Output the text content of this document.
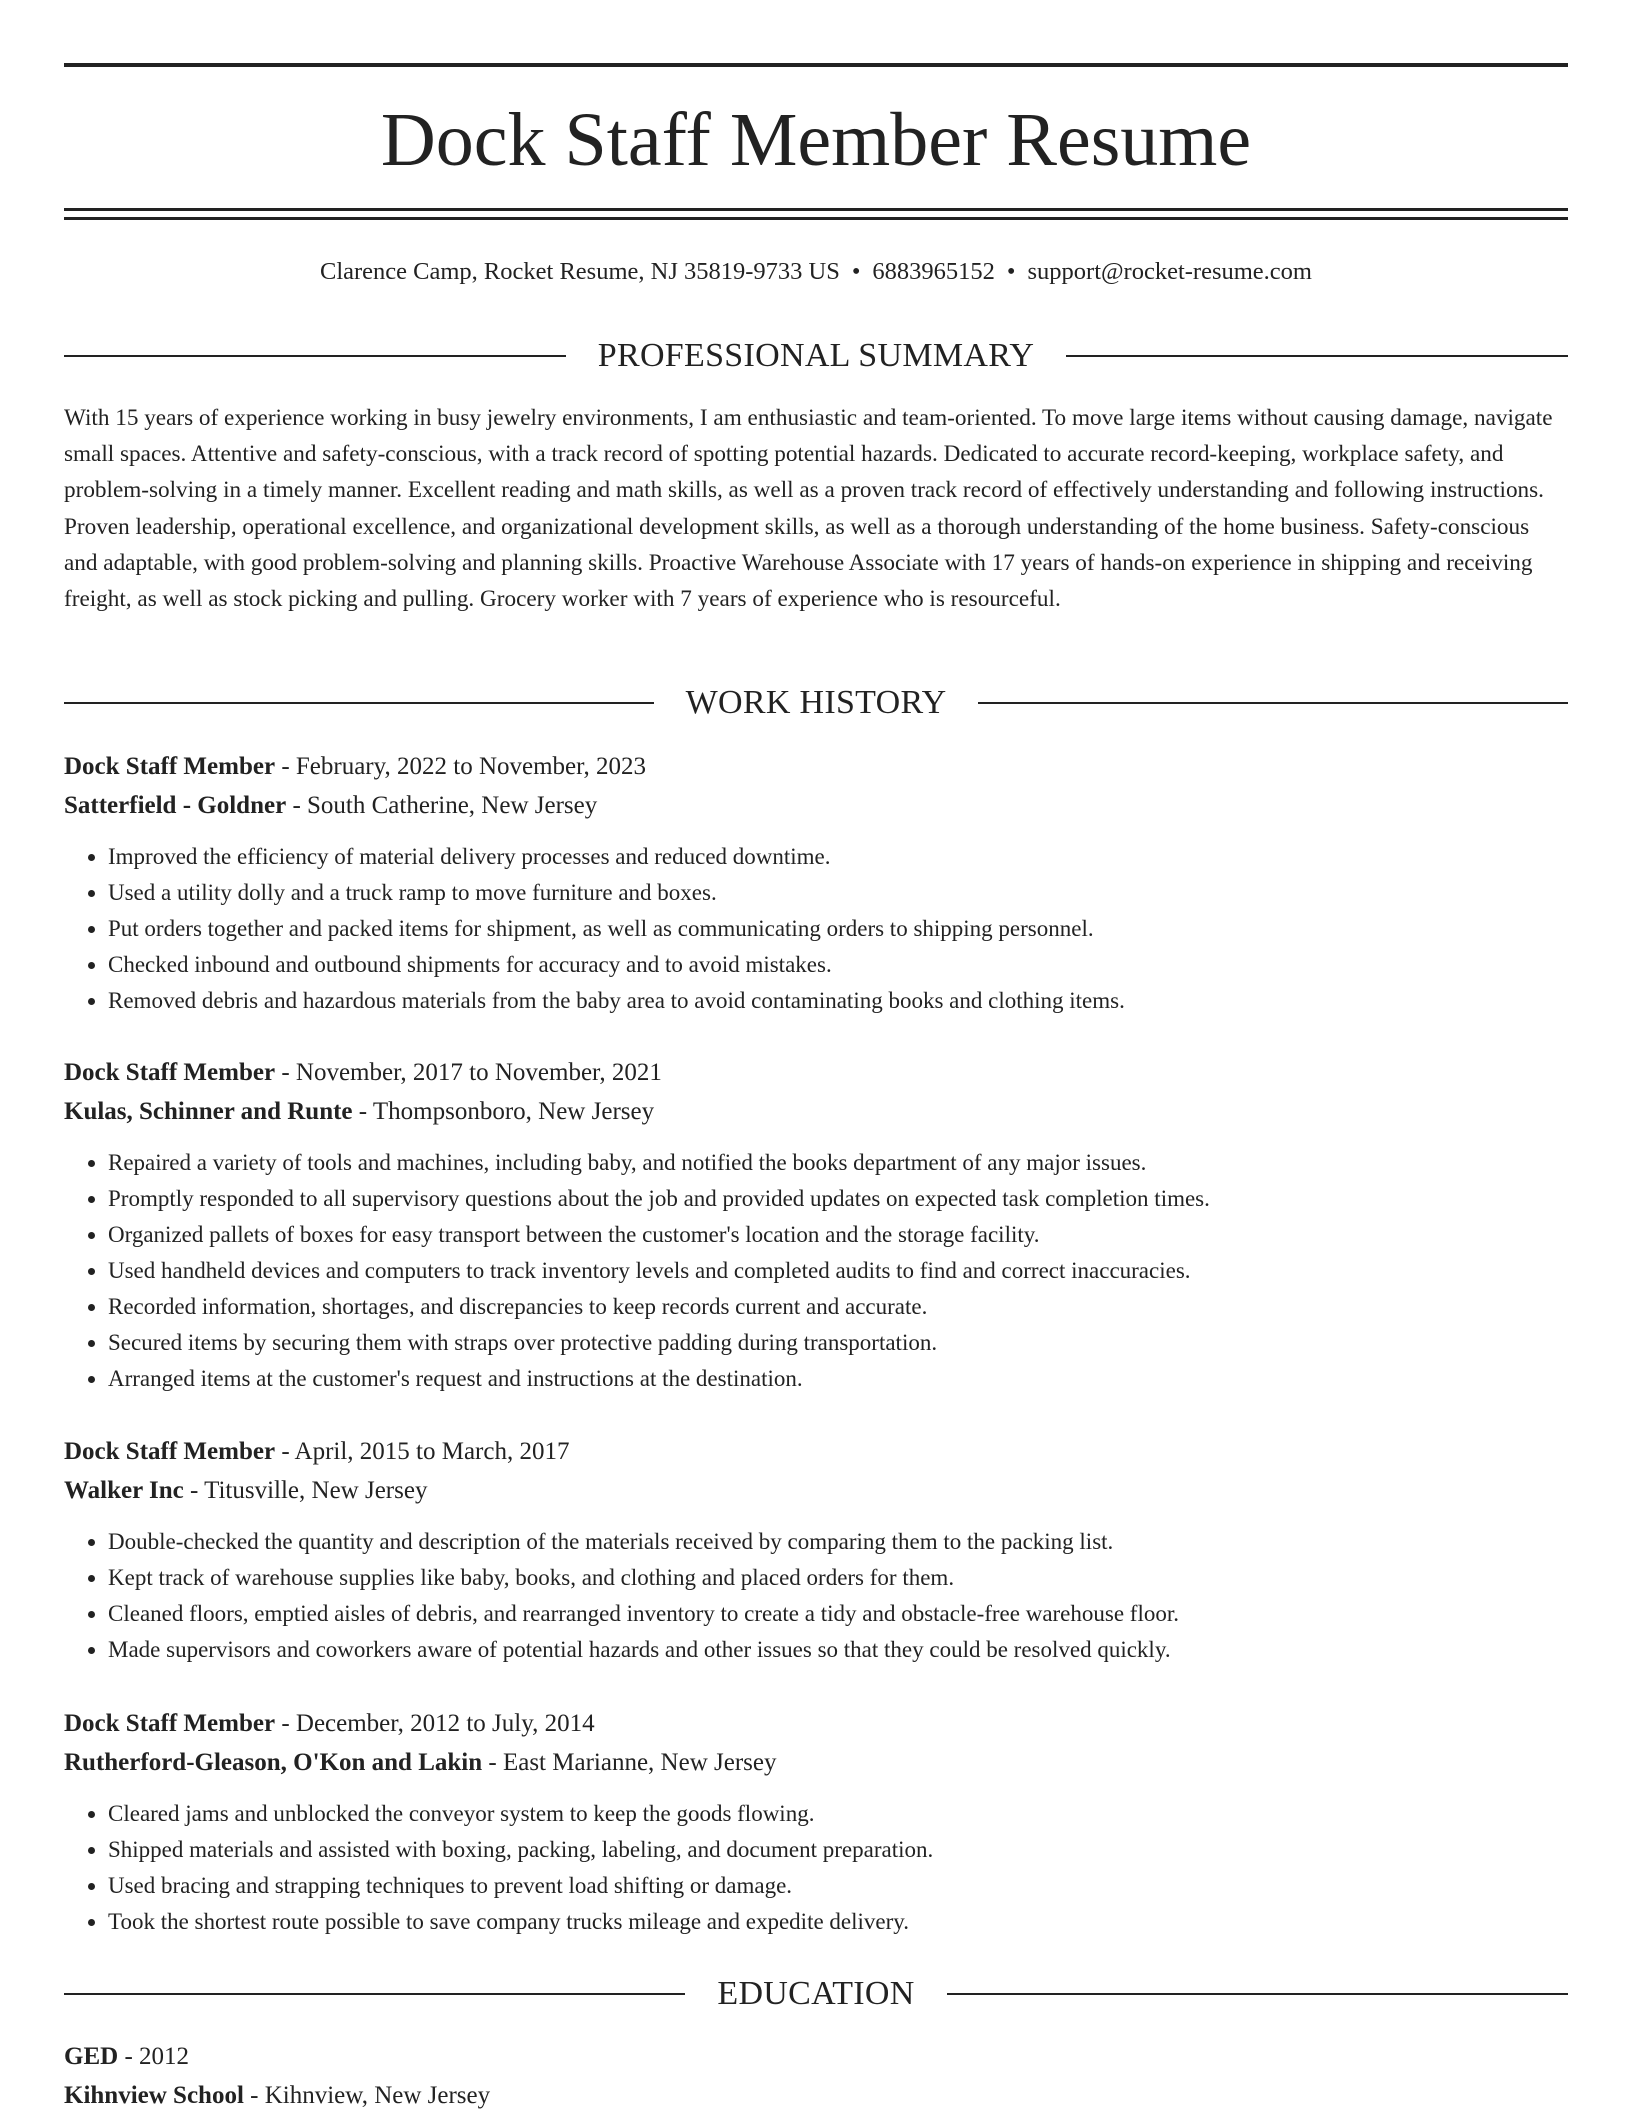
Dock Staff Member Resume
Clarence Camp, Rocket Resume, NJ 35819-9733 US • 6883965152 • support@rocket-resume.com
PROFESSIONAL SUMMARY

With 15 years of experience working in busy jewelry environments, I am enthusiastic and team-oriented. To move large items without causing damage, navigate small spaces. Attentive and safety-conscious, with a track record of spotting potential hazards. Dedicated to accurate record-keeping, workplace safety, and problem-solving in a timely manner. Excellent reading and math skills, as well as a proven track record of effectively understanding and following instructions. Proven leadership, operational excellence, and organizational development skills, as well as a thorough understanding of the home business. Safety-conscious and adaptable, with good problem-solving and planning skills. Proactive Warehouse Associate with 17 years of hands-on experience in shipping and receiving freight, as well as stock picking and pulling. Grocery worker with 7 years of experience who is resourceful.

WORK HISTORY
Dock Staff Member - February, 2022 to November, 2023
Satterfield - Goldner - South Catherine, New Jersey
• Improved the efficiency of material delivery processes and reduced downtime.
• Used a utility dolly and a truck ramp to move furniture and boxes.
• Put orders together and packed items for shipment, as well as communicating orders to shipping personnel.
• Checked inbound and outbound shipments for accuracy and to avoid mistakes.
• Removed debris and hazardous materials from the baby area to avoid contaminating books and clothing items.
Dock Staff Member - November, 2017 to November, 2021
Kulas, Schinner and Runte - Thompsonboro, New Jersey
• Repaired a variety of tools and machines, including baby, and notified the books department of any major issues.
• Promptly responded to all supervisory questions about the job and provided updates on expected task completion times.
• Organized pallets of boxes for easy transport between the customer's location and the storage facility.
• Used handheld devices and computers to track inventory levels and completed audits to find and correct inaccuracies.
• Recorded information, shortages, and discrepancies to keep records current and accurate.
• Secured items by securing them with straps over protective padding during transportation.
• Arranged items at the customer's request and instructions at the destination.
Dock Staff Member - April, 2015 to March, 2017
Walker Inc - Titusville, New Jersey
• Double-checked the quantity and description of the materials received by comparing them to the packing list.
• Kept track of warehouse supplies like baby, books, and clothing and placed orders for them.
• Cleaned floors, emptied aisles of debris, and rearranged inventory to create a tidy and obstacle-free warehouse floor.
• Made supervisors and coworkers aware of potential hazards and other issues so that they could be resolved quickly.
Dock Staff Member - December, 2012 to July, 2014
Rutherford-Gleason, O'Kon and Lakin - East Marianne, New Jersey
• Cleared jams and unblocked the conveyor system to keep the goods flowing.
• Shipped materials and assisted with boxing, packing, labeling, and document preparation.
• Used bracing and strapping techniques to prevent load shifting or damage.
• Took the shortest route possible to save company trucks mileage and expedite delivery.
EDUCATION
GED - 2012
Kihnview School - Kihnview, New Jersey
